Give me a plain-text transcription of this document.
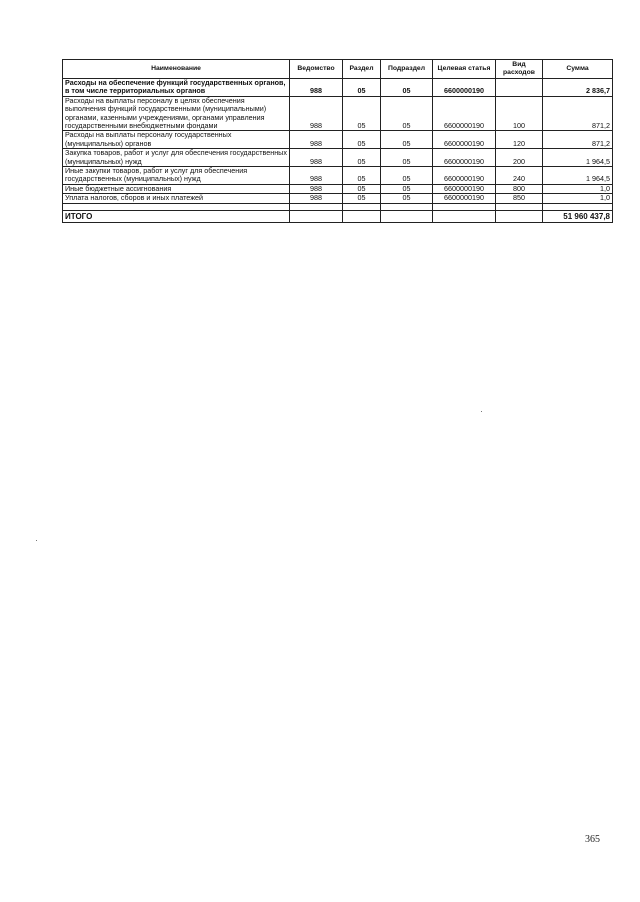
Наименование	Ведомство	Раздел	Подраздел	Целевая статья	Вид расходов	Сумма
Расходы на обеспечение функций государственных органов, в том числе территориальных органов	988	05	05	6600000190		2 836,7
Расходы на выплаты персоналу в целях обеспечения выполнения функций государственными (муниципальными) органами, казенными учреждениями, органами управления государственными внебюджетными фондами	988	05	05	6600000190	100	871,2
Расходы на выплаты персоналу государственных (муниципальных) органов	988	05	05	6600000190	120	871,2
Закупка товаров, работ и услуг для обеспечения государственных (муниципальных) нужд	988	05	05	6600000190	200	1 964,5
Иные закупки товаров, работ и услуг для обеспечения государственных (муниципальных) нужд	988	05	05	6600000190	240	1 964,5
Иные бюджетные ассигнования	988	05	05	6600000190	800	1,0
Уплата налогов, сборов и иных платежей	988	05	05	6600000190	850	1,0

ИТОГО						51 960 437,8
365
